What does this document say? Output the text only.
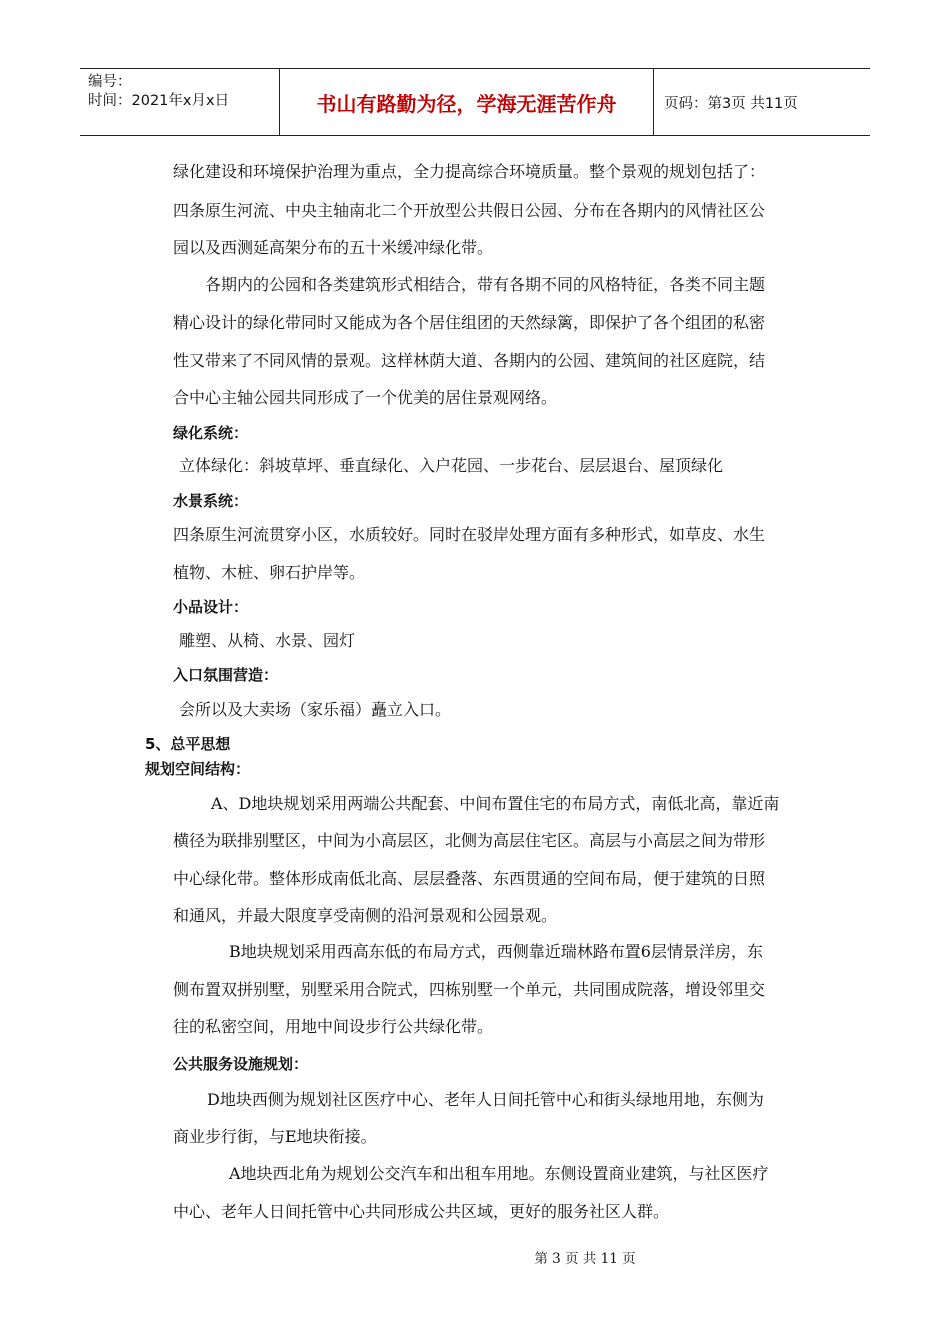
编号：
时间：2021年x月x日	书山有路勤为径，学海无涯苦作舟	页码：第3页 共11页
绿化建设和环境保护治理为重点，全力提高综合环境质量。整个景观的规划包括了：
四条原生河流、中央主轴南北二个开放型公共假日公园、分布在各期内的风情社区公
园以及西测延高架分布的五十米缓冲绿化带。
各期内的公园和各类建筑形式相结合，带有各期不同的风格特征，各类不同主题
精心设计的绿化带同时又能成为各个居住组团的天然绿篱，即保护了各个组团的私密
性又带来了不同风情的景观。这样林荫大道、各期内的公园、建筑间的社区庭院，结
合中心主轴公园共同形成了一个优美的居住景观网络。
绿化系统：
立体绿化：斜坡草坪、垂直绿化、入户花园、一步花台、层层退台、屋顶绿化
水景系统：
四条原生河流贯穿小区，水质较好。同时在驳岸处理方面有多种形式，如草皮、水生
植物、木桩、卵石护岸等。
小品设计：
雕塑、从椅、水景、园灯
入口氛围营造：
会所以及大卖场（家乐福）矗立入口。
5、总平思想
规划空间结构：
A、D地块规划采用两端公共配套、中间布置住宅的布局方式，南低北高，靠近南
横径为联排别墅区，中间为小高层区，北侧为高层住宅区。高层与小高层之间为带形
中心绿化带。整体形成南低北高、层层叠落、东西贯通的空间布局，便于建筑的日照
和通风，并最大限度享受南侧的沿河景观和公园景观。
B地块规划采用西高东低的布局方式，西侧靠近瑞林路布置6层情景洋房，东
侧布置双拼别墅，别墅采用合院式，四栋别墅一个单元，共同围成院落，增设邻里交
往的私密空间，用地中间设步行公共绿化带。
公共服务设施规划：
D地块西侧为规划社区医疗中心、老年人日间托管中心和街头绿地用地，东侧为
商业步行街，与E地块衔接。
A地块西北角为规划公交汽车和出租车用地。东侧设置商业建筑，与社区医疗
中心、老年人日间托管中心共同形成公共区域，更好的服务社区人群。
第 3 页 共 11 页
